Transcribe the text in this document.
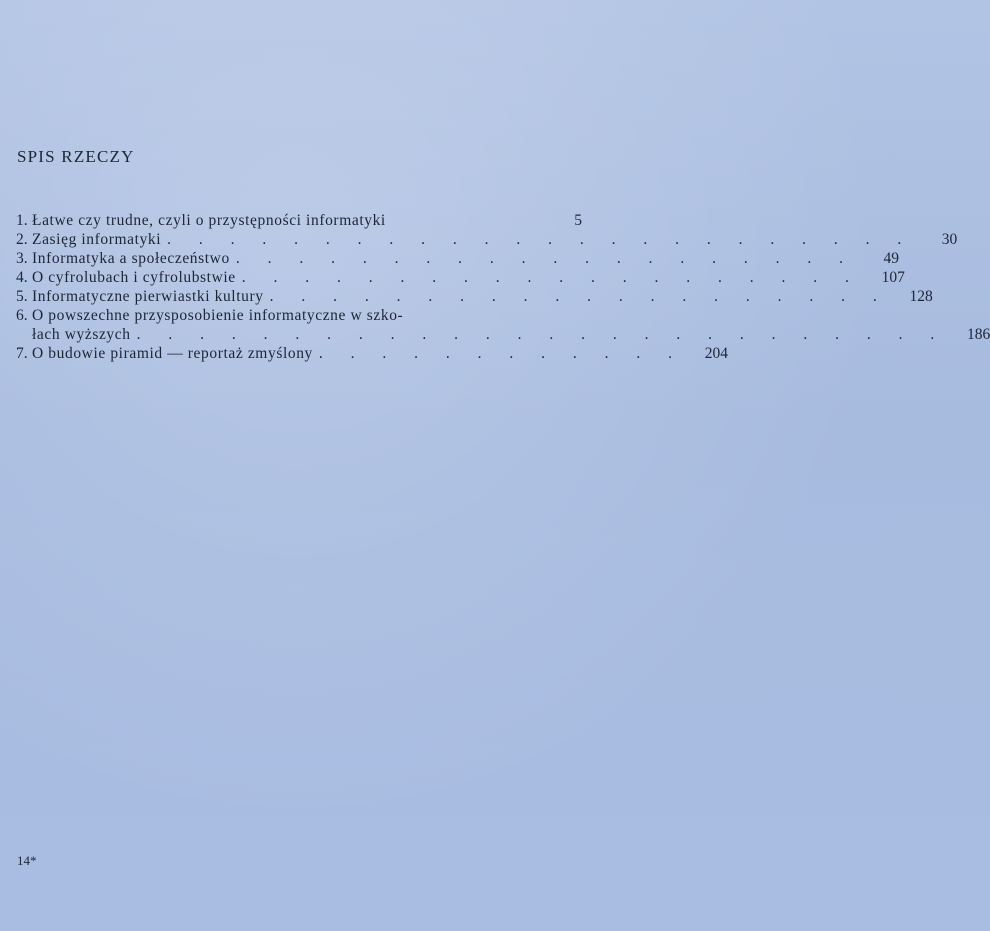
SPIS RZECZY
1. Łatwe czy trudne, czyli o przystępności informatyki	5
2. Zasięg informatyki . . . . . . . . . . . . . . . . . . . . . . . .	30
3. Informatyka a społeczeństwo . . . . . . . . . . . . . . . . . . . .	49
4. O cyfrolubach i cyfrolubstwie . . . . . . . . . . . . . . . . . . . .	107
5. Informatyczne pierwiastki kultury . . . . . . . . . . . . . . . . . . . .	128
6. O powszechne przysposobienie informatyczne w szko-
łach wyższych . . . . . . . . . . . . . . . . . . . . . . . . . .	186
7. O budowie piramid — reportaż zmyślony . . . . . . . . . . . .	204
14*
